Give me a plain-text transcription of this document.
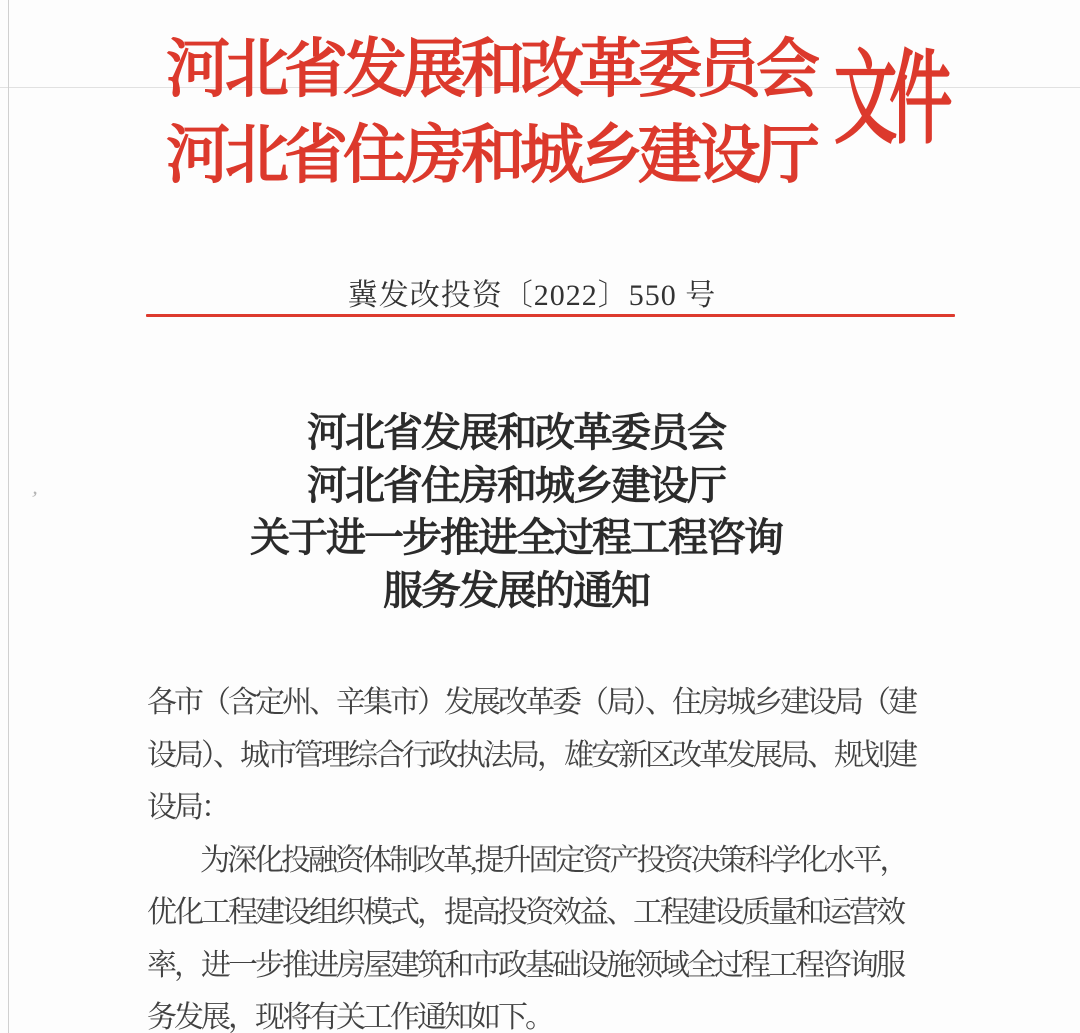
ʼ
河北省发展和改革委员会
河北省住房和城乡建设厅 文件
冀发改投资〔2022〕550 号
河北省发展和改革委员会
河北省住房和城乡建设厅
关于进一步推进全过程工程咨询
服务发展的通知
各市（含定州、辛集市）发展改革委（局）、住房城乡建设局（建
设局）、城市管理综合行政执法局，雄安新区改革发展局、规划建
设局：
为深化投融资体制改革,提升固定资产投资决策科学化水平，
优化工程建设组织模式，提高投资效益、工程建设质量和运营效
率，进一步推进房屋建筑和市政基础设施领域全过程工程咨询服
务发展，现将有关工作通知如下。
